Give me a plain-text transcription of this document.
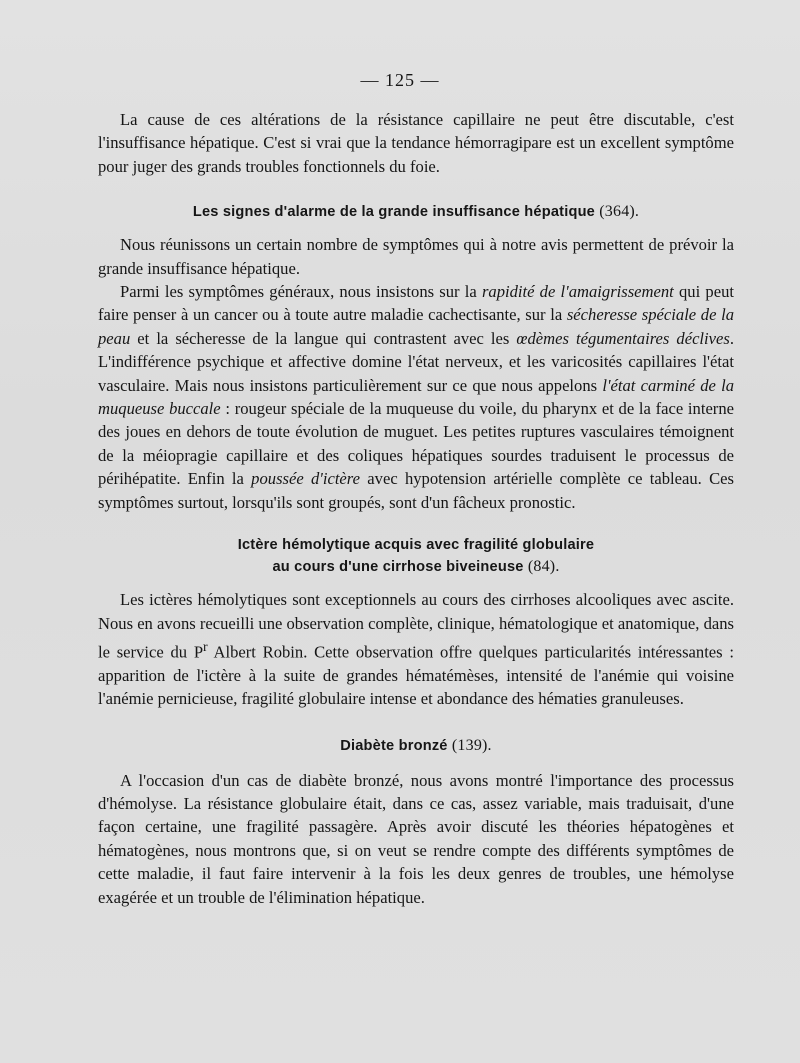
— 125 —

La cause de ces altérations de la résistance capillaire ne peut être discutable, c'est l'insuffisance hépatique. C'est si vrai que la tendance hémorragipare est un excellent symptôme pour juger des grands troubles fonctionnels du foie.

Les signes d'alarme de la grande insuffisance hépatique (364).

Nous réunissons un certain nombre de symptômes qui à notre avis permettent de prévoir la grande insuffisance hépatique.

Parmi les symptômes généraux, nous insistons sur la rapidité de l'amaigrissement qui peut faire penser à un cancer ou à toute autre maladie cachectisante, sur la sécheresse spéciale de la peau et la sécheresse de la langue qui contrastent avec les œdèmes tégumentaires déclives. L'indifférence psychique et affective domine l'état nerveux, et les varicosités capillaires l'état vasculaire. Mais nous insistons particulièrement sur ce que nous appelons l'état carminé de la muqueuse buccale : rougeur spéciale de la muqueuse du voile, du pharynx et de la face interne des joues en dehors de toute évolution de muguet. Les petites ruptures vasculaires témoignent de la méiopragie capillaire et des coliques hépatiques sourdes traduisent le processus de périhépatite. Enfin la poussée d'ictère avec hypotension artérielle complète ce tableau. Ces symptômes surtout, lorsqu'ils sont groupés, sont d'un fâcheux pronostic.

Ictère hémolytique acquis avec fragilité globulaire
au cours d'une cirrhose biveineuse (84).

Les ictères hémolytiques sont exceptionnels au cours des cirrhoses alcooliques avec ascite. Nous en avons recueilli une observation complète, clinique, hématologique et anatomique, dans le service du $P^r$ Albert Robin. Cette observation offre quelques particularités intéressantes : apparition de l'ictère à la suite de grandes hématémèses, intensité de l'anémie qui voisine l'anémie pernicieuse, fragilité globulaire intense et abondance des hématies granuleuses.

Diabète bronzé (139).

A l'occasion d'un cas de diabète bronzé, nous avons montré l'importance des processus d'hémolyse. La résistance globulaire était, dans ce cas, assez variable, mais traduisait, d'une façon certaine, une fragilité passagère. Après avoir discuté les théories hépatogènes et hématogènes, nous montrons que, si on veut se rendre compte des différents symptômes de cette maladie, il faut faire intervenir à la fois les deux genres de troubles, une hémolyse exagérée et un trouble de l'élimination hépatique.
